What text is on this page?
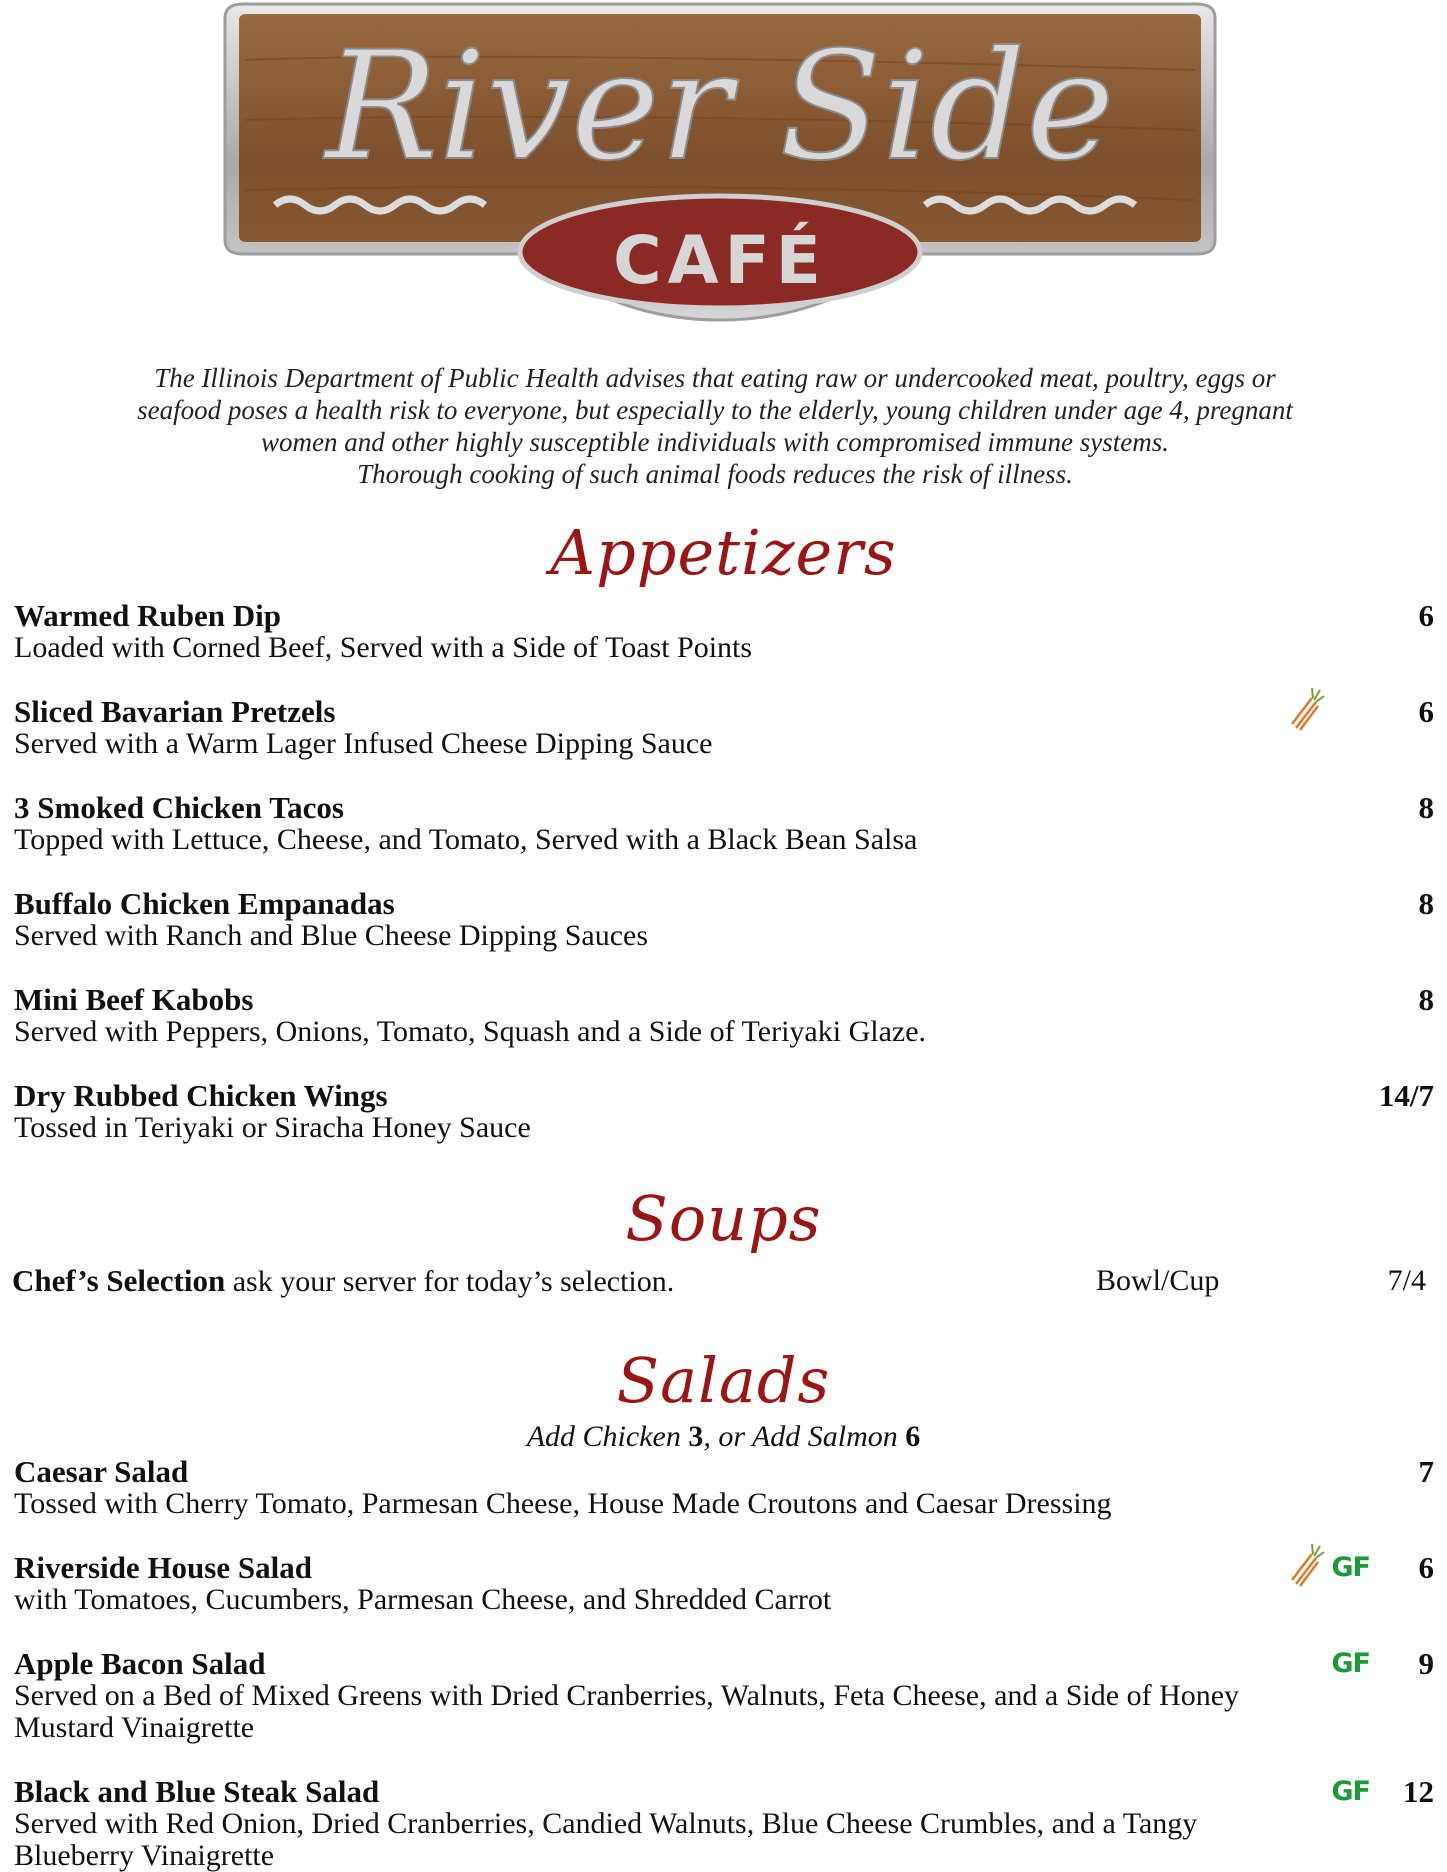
River Side
CAFÉ
The Illinois Department of Public Health advises that eating raw or undercooked meat, poultry, eggs or
seafood poses a health risk to everyone, but especially to the elderly, young children under age 4, pregnant
women and other highly susceptible individuals with compromised immune systems.
Thorough cooking of such animal foods reduces the risk of illness.
Appetizers
Warmed Ruben Dip
Loaded with Corned Beef, Served with a Side of Toast Points
6
Sliced Bavarian Pretzels
Served with a Warm Lager Infused Cheese Dipping Sauce
6
3 Smoked Chicken Tacos
Topped with Lettuce, Cheese, and Tomato, Served with a Black Bean Salsa
8
Buffalo Chicken Empanadas
Served with Ranch and Blue Cheese Dipping Sauces
8
Mini Beef Kabobs
Served with Peppers, Onions, Tomato, Squash and a Side of Teriyaki Glaze.
8
Dry Rubbed Chicken Wings
Tossed in Teriyaki or Siracha Honey Sauce
14/7
Soups
Chef’s Selection ask your server for today’s selection.	Bowl/Cup	7/4
Salads
Add Chicken 3, or Add Salmon 6
Caesar Salad
Tossed with Cherry Tomato, Parmesan Cheese, House Made Croutons and Caesar Dressing
7
Riverside House Salad
with Tomatoes, Cucumbers, Parmesan Cheese, and Shredded Carrot
GF 6
Apple Bacon Salad
Served on a Bed of Mixed Greens with Dried Cranberries, Walnuts, Feta Cheese, and a Side of Honey Mustard Vinaigrette
GF 9
Black and Blue Steak Salad
Served with Red Onion, Dried Cranberries, Candied Walnuts, Blue Cheese Crumbles, and a Tangy Blueberry Vinaigrette
GF 12
